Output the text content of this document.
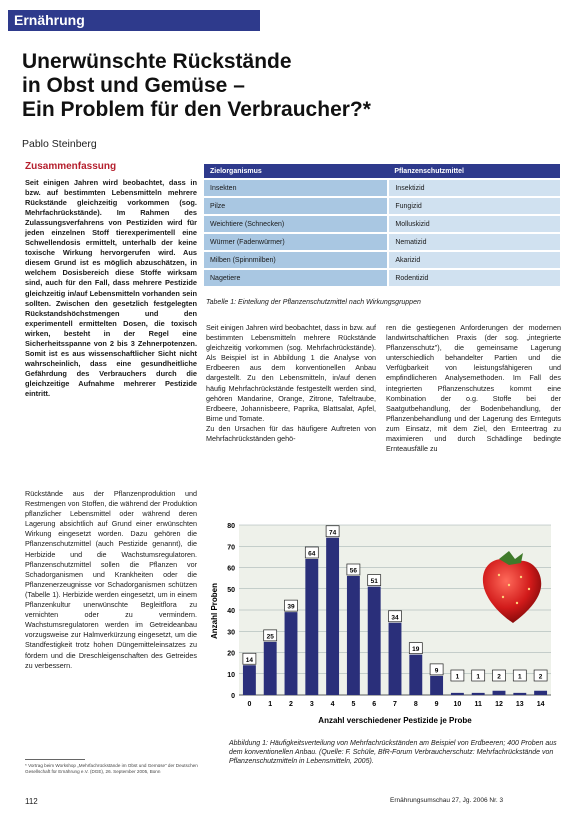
Ernährung
Unerwünschte Rückstände
in Obst und Gemüse –
Ein Problem für den Verbraucher?*
Pablo Steinberg
Zusammenfassung
Seit einigen Jahren wird beobachtet, dass in bzw. auf bestimmten Lebensmitteln mehrere Rückstände gleichzeitig vorkommen (sog. Mehrfachrückstände). Im Rahmen des Zulassungsverfahrens von Pestiziden wird für jeden einzelnen Stoff tierexperimentell eine Schwellendosis ermittelt, unterhalb der keine toxische Wirkung hervorgerufen wird. Aus diesem Grund ist es möglich abzuschätzen, in welchem Dosisbereich diese Stoffe wirksam sind, auch für den Fall, dass mehrere Pestizide gleichzeitig in/auf Lebensmitteln vorhanden sein sollten. Zwischen den gesetzlich festgelegten Rückstandshöchstmengen und den experimentell ermittelten Dosen, die toxisch wirken, besteht in der Regel eine Sicherheitsspanne von 2 bis 3 Zehnerpotenzen. Somit ist es aus wissenschaftlicher Sicht nicht wahrscheinlich, dass eine gesundheitliche Gefährdung des Verbrauchers durch die gleichzeitige Aufnahme mehrerer Pestizide eintritt.
Rückstände aus der Pflanzenproduktion und Restmengen von Stoffen, die während der Produktion pflanzlicher Lebensmittel oder während deren Lagerung absichtlich auf Grund einer erwünschten Wirkung eingesetzt worden. Dazu gehören die Pflanzenschutzmittel (auch Pestizide genannt), die Herbizide und die Wachstumsregulatoren. Pflanzenschutzmittel sollen die Pflanzen vor Schadorganismen und Krankheiten oder die Pflanzenerzeugnisse vor Schadorganismen schützen (Tabelle 1). Herbizide werden eingesetzt, um in einem Pflanzenkultur unerwünschte Begleitflora zu vernichten oder zu vermindern. Wachstumsregulatoren werden im Getreideanbau vorzugsweise zur Halmverkürzung eingesetzt, um die Standfestigkeit trotz hohen Düngemitteleinsatzes zu fördern und die Dreschleigenschaften des Getreides zu verbessern.
Zielorganismus	Pflanzenschutzmittel
Insekten	Insektizid
Pilze	Fungizid
Weichtiere (Schnecken)	Molluskizid
Würmer (Fadenwürmer)	Nematizid
Milben (Spinnmilben)	Akarizid
Nagetiere	Rodentizid
Tabelle 1: Einteilung der Pflanzenschutzmittel nach Wirkungsgruppen
Seit einigen Jahren wird beobachtet, dass in bzw. auf bestimmten Lebensmitteln mehrere Rückstände gleichzeitig vorkommen (sog. Mehrfachrückstände). Als Beispiel ist in Abbildung 1 die Analyse von Erdbeeren aus dem konventionellen Anbau dargestellt. Zu den Lebensmitteln, in/auf denen häufig Mehrfachrückstände festgestellt werden sind, gehören Mandarine, Orange, Zitrone, Tafeltraube, Erdbeere, Johannisbeere, Paprika, Blattsalat, Apfel, Birne und Tomate.
Zu den Ursachen für das häufigere Auftreten von Mehrfachrückständen gehö-
ren die gestiegenen Anforderungen der modernen landwirtschaftlichen Praxis (der sog. „integrierte Pflanzenschutz"), die gemeinsame Lagerung unterschiedlich behandelter Partien und die Verfügbarkeit von leistungsfähigeren und empfindlicheren Analysemethoden. Im Fall des integrierten Pflanzenschutzes kommt eine Kombination der o.g. Stoffe bei der Saatgutbehandlung, der Bodenbehandlung, der Pflanzenbehandlung und der Lagerung des Ernteguts zum Einsatz, mit dem Ziel, den Ernteertrag zu maximieren und durch Schädlinge bedingte Ernteausfälle zu
0
10
20
30
40
50
60
70
80
14
0
25
1
39
2
64
3
74
4
56
5
51
6
34
7
19
8
9
9
1
10
1
11
2
12
1
13
2
14
Anzahl Proben
Anzahl verschiedener Pestizide je Probe
Abbildung 1: Häufigkeitsverteilung von Mehrfachrückständen am Beispiel von Erdbeeren; 400 Proben aus dem konventionellen Anbau. (Quelle: F. Schüle, BfR-Forum Verbraucherschutz: Mehrfachrückstände von Pflanzenschutzmitteln in Lebensmitteln, 2005).
* Vortrag beim Workshop „Mehrfachrückstände im Obst und Gemüse“ der Deutschen Gesellschaft für Ernährung e.V. (DGE), 26. September 2005, Bonn
112	Ernährungsumschau 27, Jg. 2006 Nr. 3
